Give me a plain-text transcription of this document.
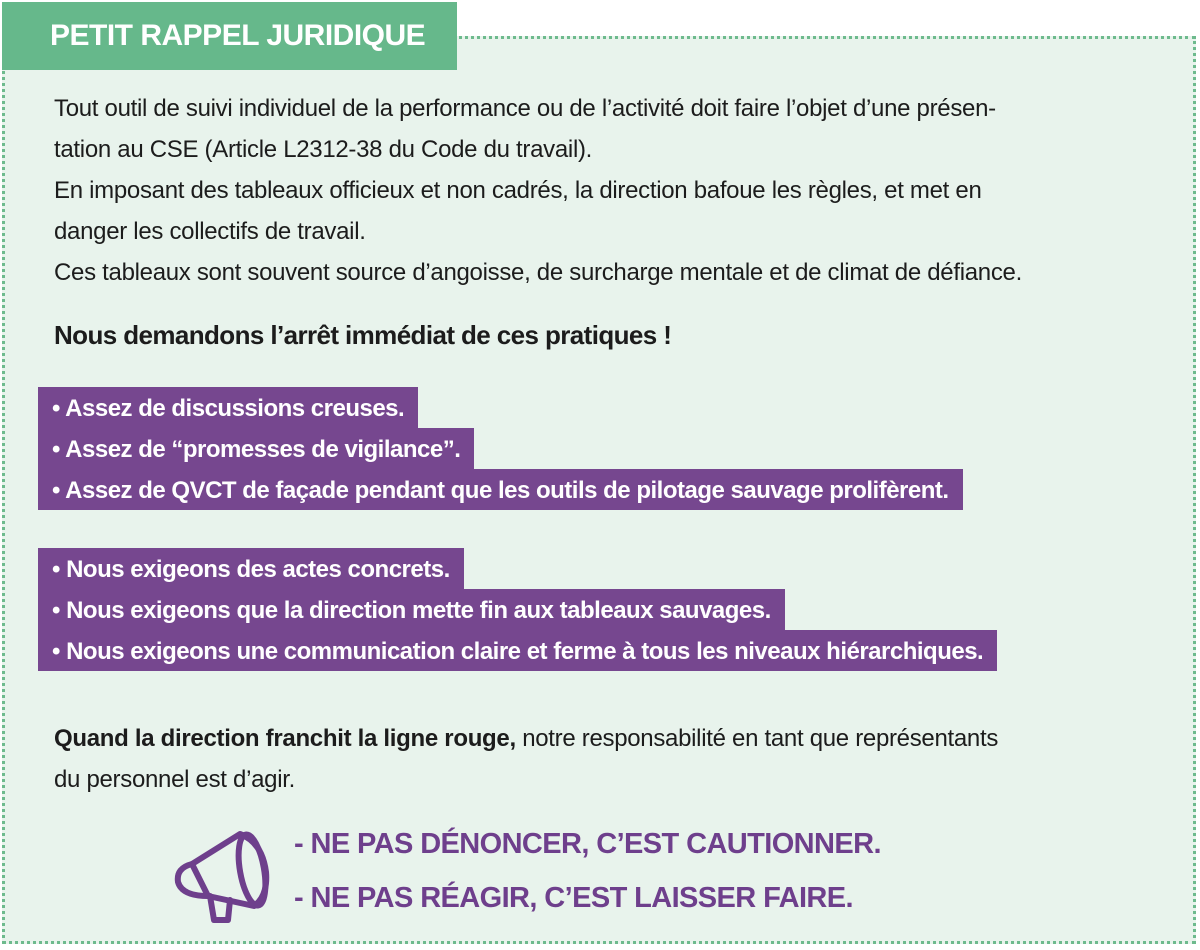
PETIT RAPPEL JURIDIQUE

Tout outil de suivi individuel de la performance ou de l’activité doit faire l’objet d’une présen-
tation au CSE (Article L2312-38 du Code du travail).
En imposant des tableaux officieux et non cadrés, la direction bafoue les règles, et met en
danger les collectifs de travail.
Ces tableaux sont souvent source d’angoisse, de surcharge mentale et de climat de défiance.

Nous demandons l’arrêt immédiat de ces pratiques !

• Assez de discussions creuses.
• Assez de “promesses de vigilance”.
• Assez de QVCT de façade pendant que les outils de pilotage sauvage prolifèrent.
• Nous exigeons des actes concrets.
• Nous exigeons que la direction mette fin aux tableaux sauvages.
• Nous exigeons une communication claire et ferme à tous les niveaux hiérarchiques.

Quand la direction franchit la ligne rouge, notre responsabilité en tant que représentants
du personnel est d’agir.

- NE PAS DÉNONCER, C’EST CAUTIONNER.
- NE PAS RÉAGIR, C’EST LAISSER FAIRE.
